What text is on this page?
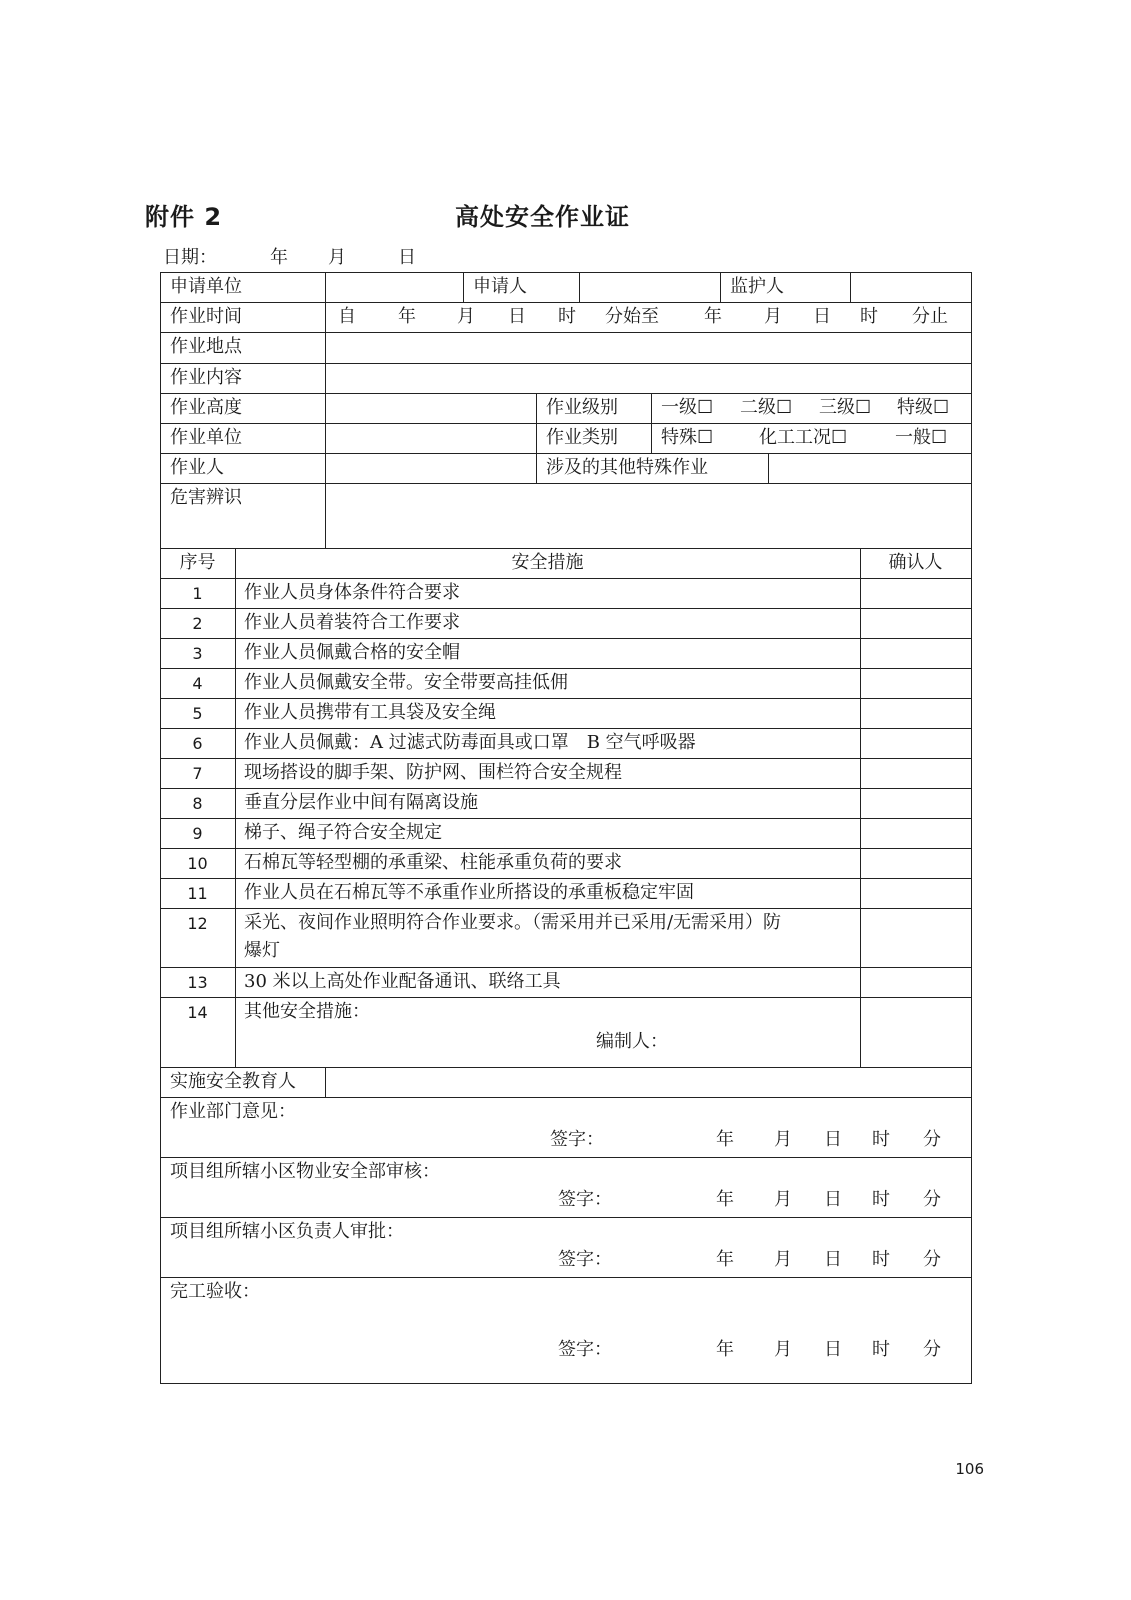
附件 2	高处安全作业证
日期：	年 月	日
申请单位	申请人	监护人
作业时间	自 年 月 日 时 分始至	年 月 日 时 分止
作业地点
作业内容
作业高度	作业级别 一级☐ 二级☐ 三级☐ 特级☐
作业单位	作业类别 特殊☐	化工工况☐	一般☐
作业人	涉及的其他特殊作业
危害辨识
序号	安全措施	确认人
1	作业人员身体条件符合要求
2	作业人员着装符合工作要求
3	作业人员佩戴合格的安全帽
4	作业人员佩戴安全带。安全带要高挂低佣
5	作业人员携带有工具袋及安全绳
6	作业人员佩戴：A 过滤式防毒面具或口罩　B 空气呼吸器
7	现场搭设的脚手架、防护网、围栏符合安全规程
8	垂直分层作业中间有隔离设施
9	梯子、绳子符合安全规定
10	石棉瓦等轻型棚的承重梁、柱能承重负荷的要求
11	作业人员在石棉瓦等不承重作业所搭设的承重板稳定牢固
12	采光、夜间作业照明符合作业要求。（需采用并已采用/无需采用）防
爆灯
13	30 米以上高处作业配备通讯、联络工具
14	其他安全措施：
编制人：
实施安全教育人
作业部门意见：
签字：	年 月 日 时 分
项目组所辖小区物业安全部审核：
签字：	年 月 日 时 分
项目组所辖小区负责人审批：
签字：	年 月 日 时 分
完工验收：
签字：	年 月 日 时 分
106
